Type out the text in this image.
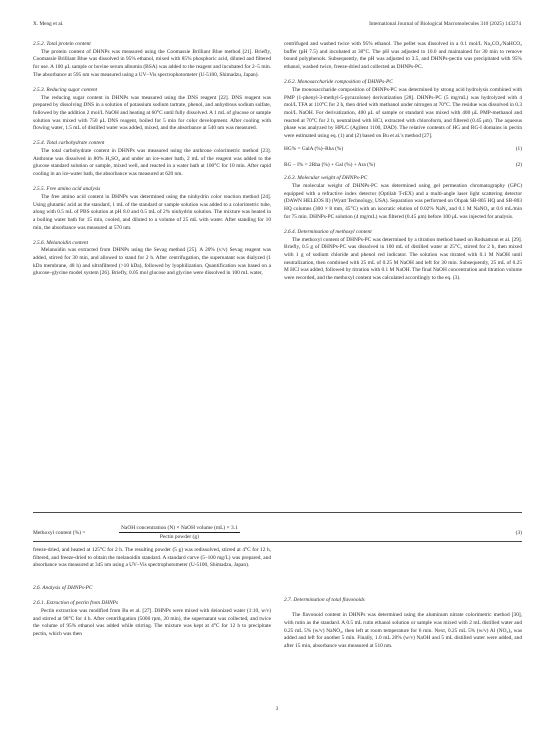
X. Meng et al.	International Journal of Biological Macromolecules 310 (2025) 143274
2.5.2. Total protein content

The protein content of DHNPs was measured using the Coomassie Brilliant Blue method [21]. Briefly, Coomassie Brilliant Blue was dissolved in 95% ethanol, mixed with 85% phosphoric acid, diluted and filtered for use. A 100 μL sample or bovine serum albumin (BSA) was added to the reagent and incubated for 2–5 min. The absorbance at 595 nm was measured using a UV–Vis spectrophotometer (U-5100, Shimadzu, Japan).

2.5.3. Reducing sugar content

The reducing sugar content in DHNPs was measured using the DNS reagent [22]. DNS reagent was prepared by dissolving DNS in a solution of potassium sodium tartrate, phenol, and anhydrous sodium sulfate, followed by the addition 2 mol/L NaOH and heating at 60°C until fully dissolved. A 1 mL of glucose or sample solution was mixed with 750 μL DNS reagent, boiled for 5 min for color development. After cooling with flowing water, 1.5 mL of distilled water was added, mixed, and the absorbance at 540 nm was measured.

2.5.4. Total carbohydrate content

The total carbohydrate content in DHNPs was measured using the anthrone colorimetric method [23]. Anthrone was dissolved in 80% H₂SO₄ and under an ice-water bath, 2 mL of the reagent was added to the glucose standard solution or sample, mixed well, and reacted in a water bath at 100°C for 10 min. After rapid cooling in an ice-water bath, the absorbance was measured at 620 nm.

2.5.5. Free amino acid analysis

The free amino acid content in DHNPs was determined using the ninhydrin color reaction method [24]. Using glutamic acid as the standard, 1 mL of the standard or sample solution was added to a colorimetric tube, along with 0.5 mL of PBS solution at pH 8.0 and 0.5 mL of 2% ninhydrin solution. The mixture was heated in a boiling water bath for 15 min, cooled, and diluted to a volume of 25 mL with water. After standing for 10 min, the absorbance was measured at 570 nm.

2.5.6. Melanoidin content

Melanoidin was extracted from DHNPs using the Sevag method [25]. A 20% (v/v) Sevag reagent was added, stirred for 30 min, and allowed to stand for 2 h. After centrifugation, the supernatant was dialyzed (1 kDa membrane, 48 h) and ultrafiltered (>10 kDa), followed by lyophilization. Quantification was based on a glucose–glycine model system [26]. Briefly, 0.05 mol glucose and glycine were dissolved in 100 mL water,

centrifuged and washed twice with 95% ethanol. The pellet was dissolved in a 0.1 mol/L Na₂CO₃/NaHCO₃ buffer (pH 7.5) and incubated at 30°C. The pH was adjusted to 10.0 and maintained for 30 min to remove bound polyphenols. Subsequently, the pH was adjusted to 3.5, and DHNPs-pectin was precipitated with 95% ethanol, washed twice, freeze-dried and collected as DHNPs-PC.

2.6.2. Monosaccharide composition of DHNPs-PC

The monosaccharide composition of DHNPs-PC was determined by strong acid hydrolysis combined with PMP (1-phenyl-3-methyl-5-pyrazolone) derivatization [28]. DHNPs-PC (5 mg/mL) was hydrolyzed with 4 mol/L TFA at 110°C for 2 h, then dried with methanol under nitrogen at 70°C. The residue was dissolved in 0.3 mol/L NaOH. For derivatization, 400 μL of sample or standard was mixed with 400 μL PMP-methanol and reacted at 70°C for 2 h, neutralized with HCl, extracted with chloroform, and filtered (0.45 μm). The aqueous phase was analyzed by HPLC (Agilent 1100, DAD). The relative contents of HG and RG-I domains in pectin were estimated using eq. (1) and (2) based on Bu et al.'s method [27].

HG% = GalA (%)–Rha (%)	(1)
RG − I% = 2Rha (%) + Gal (%) + Ara (%)	(2)
2.6.3. Molecular weight of DHNPs-PC

The molecular weight of DHNPs-PC was determined using gel permeation chromatography (GPC) equipped with a refractive index detector (Optilab T-rEX) and a multi-angle laser light scattering detector (DAWN HELEOS II) (Wyatt Technology, USA). Separation was performed on Ohpak SB-805 HQ and SB-803 HQ columns (300 × 8 mm, 45°C) with an isocratic elution of 0.02% NaN₃ and 0.1 M NaNO₃ at 0.6 mL/min for 75 min. DHNPs-PC solution (4 mg/mL) was filtered (0.45 μm) before 100 μL was injected for analysis.

2.6.4. Determination of methoxyl content

The methoxyl content of DHNPs-PC was determined by a titration method based on Rodsamran et al. [29]. Briefly, 0.5 g of DHNPs-PC was dissolved in 100 mL of distilled water at 25°C, stirred for 2 h, then mixed with 1 g of sodium chloride and phenol red indicator. The solution was titrated with 0.1 M NaOH until neutralization, then combined with 25 mL of 0.25 M NaOH and left for 30 min. Subsequently, 25 mL of 0.25 M HCl was added, followed by titration with 0.1 M NaOH. The final NaOH concentration and titration volume were recorded, and the methoxyl content was calculated accordingly to the eq. (3).

Methoxyl content (%) =
NaOH concentration (N) × NaOH volume (mL) × 3.1
Pectin powder (g)
(3)

freeze-dried, and heated at 125°C for 2 h. The resulting powder (5 g) was redissolved, stirred at 4°C for 12 h, filtered, and freeze-dried to obtain the melanoidin standard. A standard curve (5–100 mg/L) was prepared, and absorbance was measured at 345 nm using a UV–Vis spectrophotometer (U-5100, Shimadzu, Japan).

2.6. Analysis of DHNPs-PC
2.6.1. Extraction of pectin from DHNPs

Pectin extraction was modified from Bu et al. [27]. DHNPs were mixed with deionized water (1:10, w/v) and stirred at 90°C for 4 h. After centrifugation (5000 rpm, 20 min), the supernatant was collected, and twice the volume of 95% ethanol was added while stirring. The mixture was kept at 4°C for 12 h to precipitate pectin, which was then

2.7. Determination of total flavonoids

The flavonoid content in DHNPs was determined using the aluminum nitrate colorimetric method [30], with rutin as the standard. A 0.5 mL rutin ethanol solution or sample was mixed with 2 mL distilled water and 0.25 mL 5% (w/v) NaNO₂, then left at room temperature for 6 min. Next, 0.25 mL 5% (w/v) Al (NO₃)₃ was added and left for another 5 min. Finally, 1.0 mL 20% (w/v) NaOH and 5 mL distilled water were added, and after 15 min, absorbance was measured at 510 nm.

3
